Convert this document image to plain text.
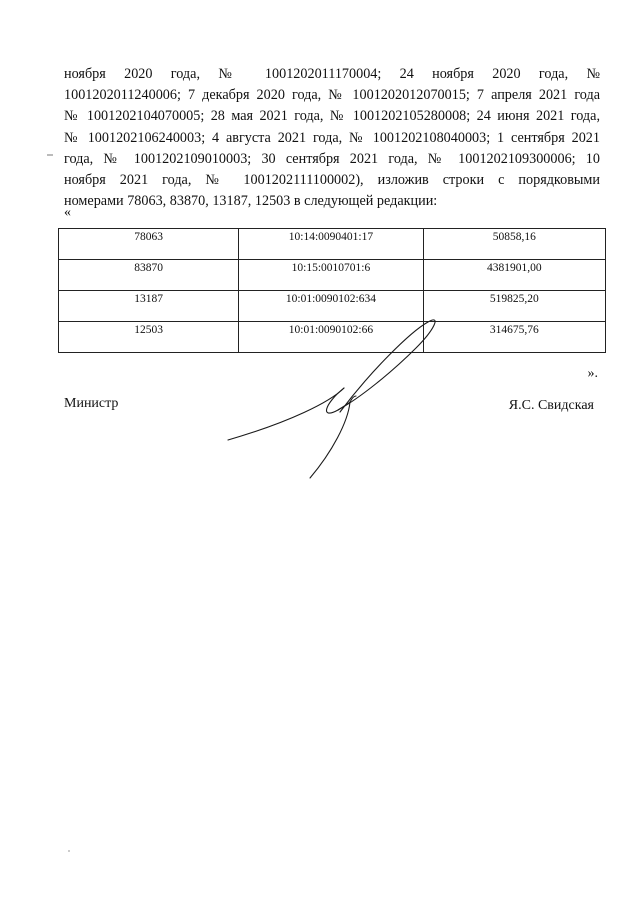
ноября 2020 года, № 1001202011170004; 24 ноября 2020 года, №
1001202011240006; 7 декабря 2020 года, № 1001202012070015; 7 апреля 2021 года
№ 1001202104070005; 28 мая 2021 года, № 1001202105280008; 24 июня 2021 года,
№ 1001202106240003; 4 августа 2021 года, № 1001202108040003; 1 сентября 2021
года, № 1001202109010003; 30 сентября 2021 года, № 1001202109300006; 10
ноября 2021 года, № 1001202111100002), изложив строки с порядковыми
номерами 78063, 83870, 13187, 12503 в следующей редакции:
«
78063	10:14:0090401:17	50858,16

83870	10:15:0010701:6	4381901,00

13187	10:01:0090102:634	519825,20

12503	10:01:0090102:66	314675,76
».
Министр	Я.С. Свидская
